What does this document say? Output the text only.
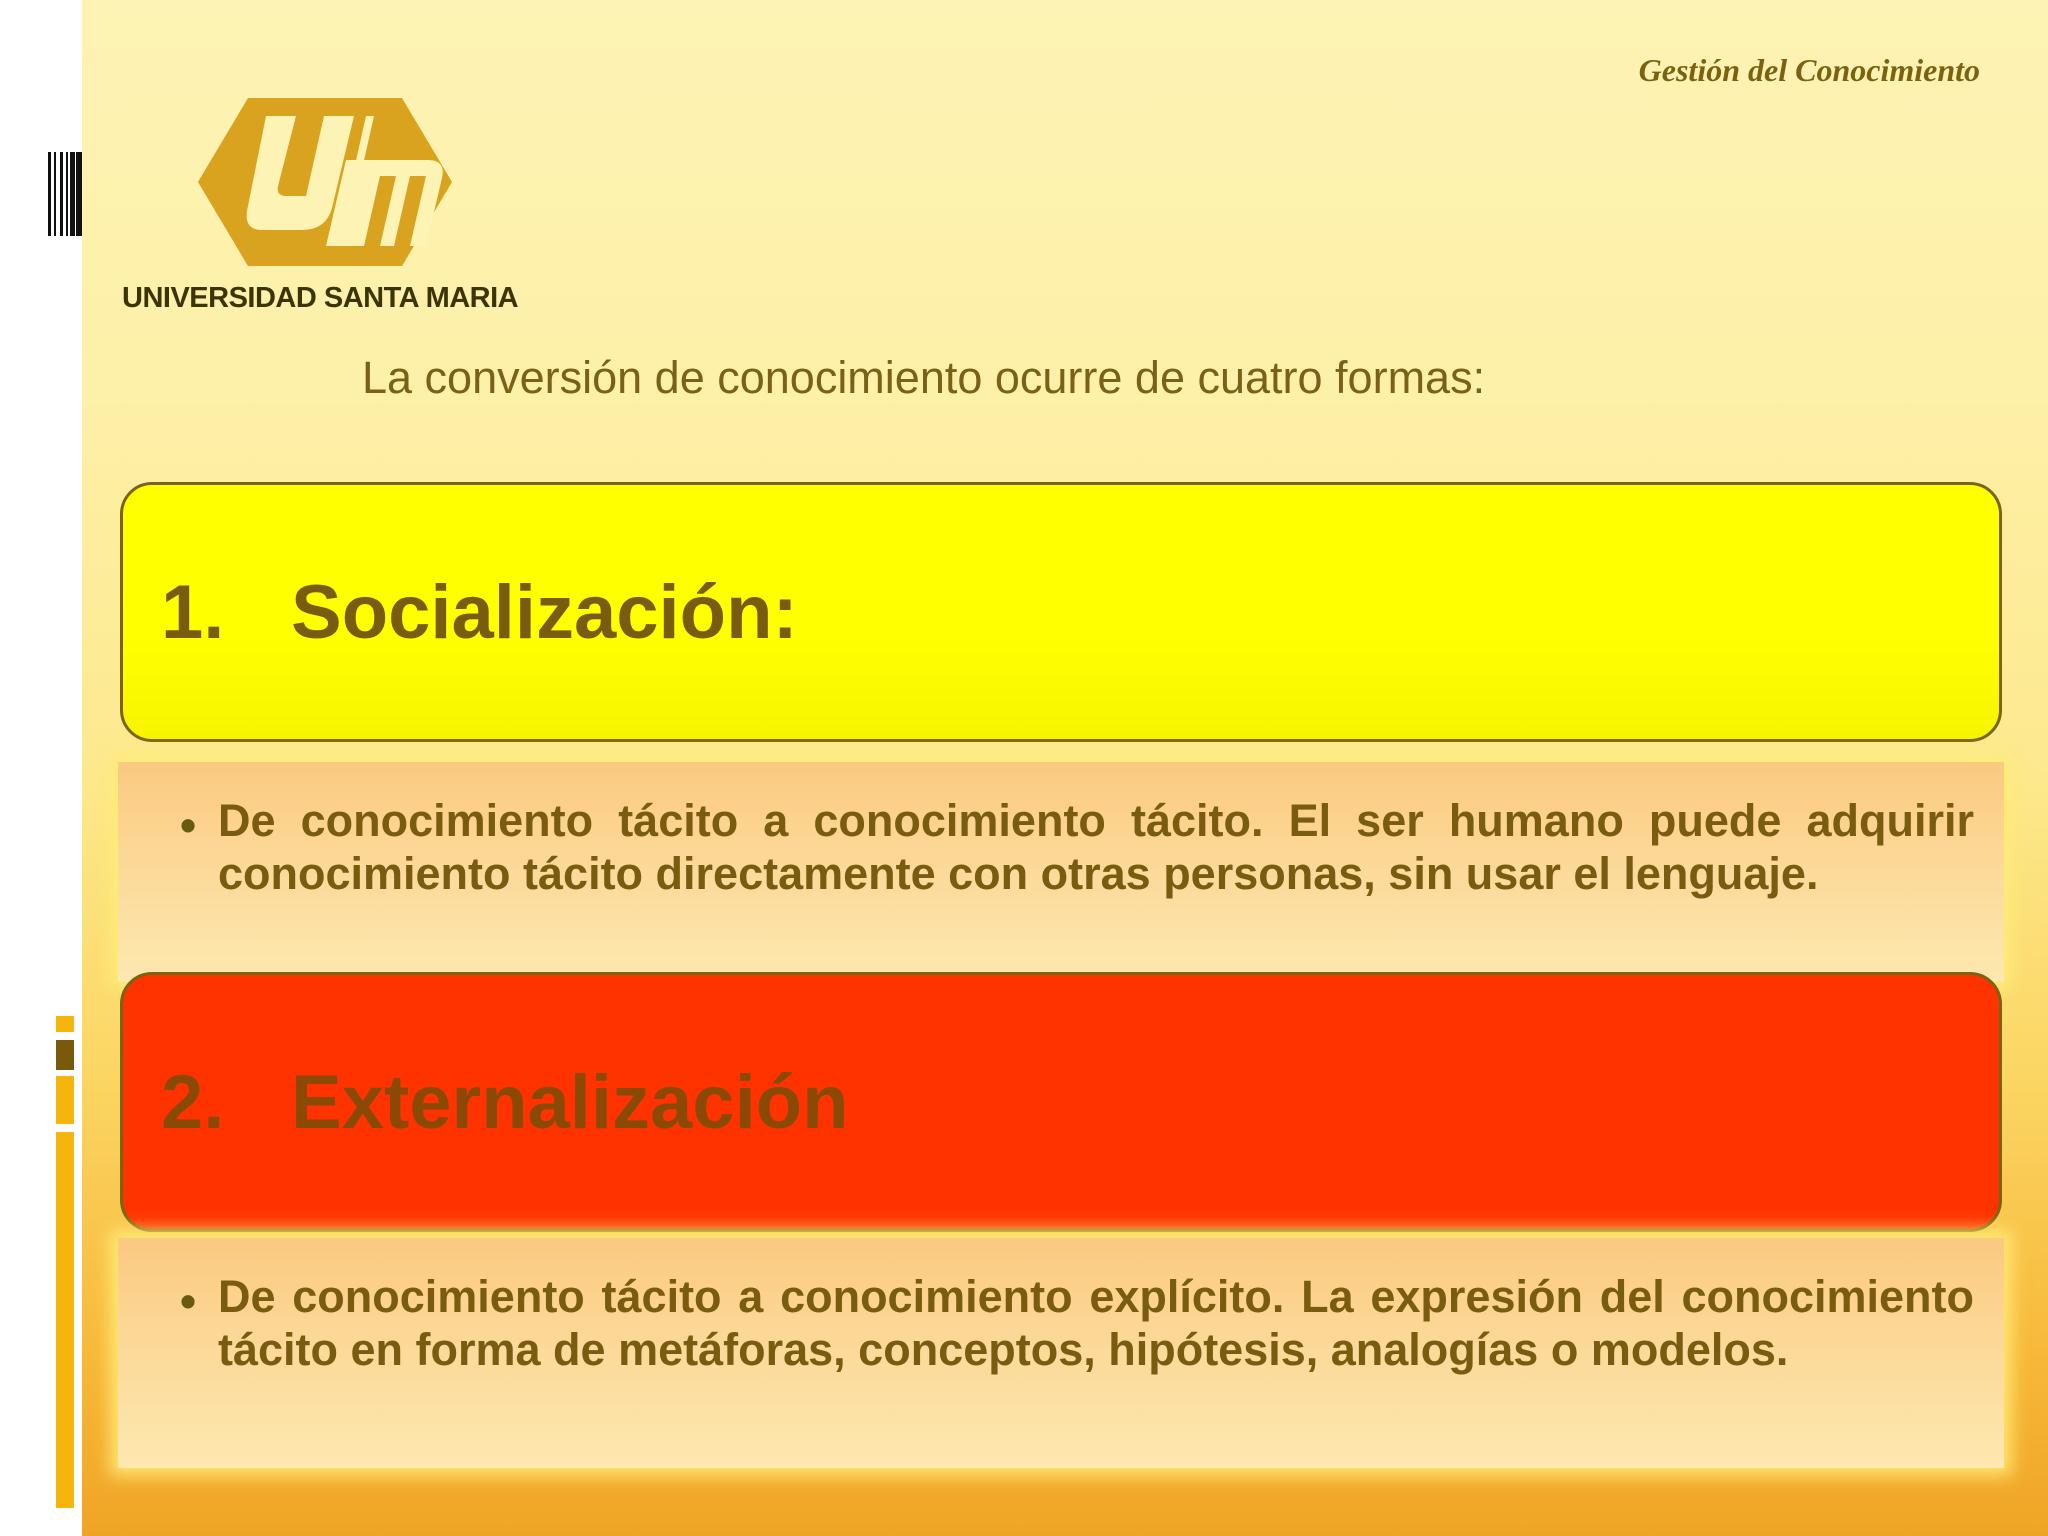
Gestión del Conocimiento
UNIVERSIDAD SANTA MARIA
La conversión de conocimiento ocurre de cuatro formas:
1. Socialización:
• De conocimiento tácito a conocimiento tácito. El ser humano puede adquirir conocimiento tácito directamente con otras personas, sin usar el lenguaje.
2. Externalización
• De conocimiento tácito a conocimiento explícito. La expresión del conocimiento tácito en forma de metáforas, conceptos, hipótesis, analogías o modelos.
